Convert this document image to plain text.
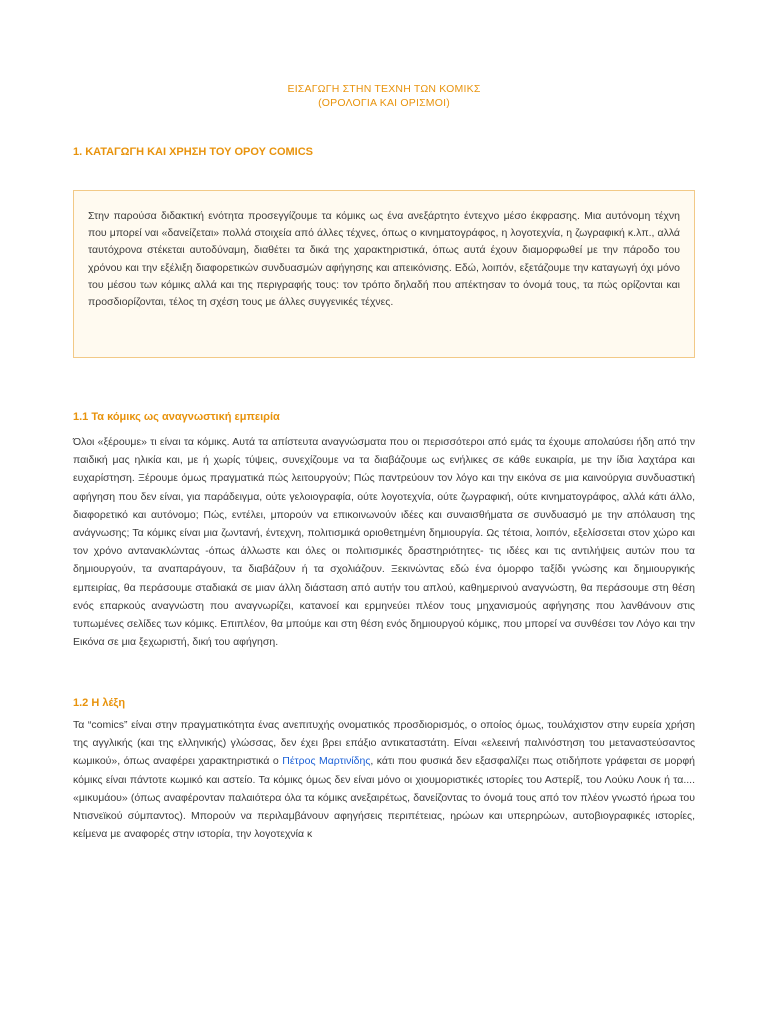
ΕΙΣΑΓΩΓΗ ΣΤΗΝ ΤΕΧΝΗ ΤΩΝ ΚΟΜΙΚΣ
(ΟΡΟΛΟΓΙΑ ΚΑΙ ΟΡΙΣΜΟΙ)
1. ΚΑΤΑΓΩΓΗ ΚΑΙ ΧΡΗΣΗ ΤΟΥ ΟΡΟΥ COMICS

Στην παρούσα διδακτική ενότητα προσεγγίζουμε τα κόμικς ως ένα ανεξάρτητο έντεχνο μέσο έκφρασης. Μια αυτόνομη τέχνη που μπορεί ναι «δανείζεται» πολλά στοιχεία από άλλες τέχνες, όπως ο κινηματογράφος, η λογοτεχνία, η ζωγραφική κ.λπ., αλλά ταυτόχρονα στέκεται αυτοδύναμη, διαθέτει τα δικά της χαρακτηριστικά, όπως αυτά έχουν διαμορφωθεί με την πάροδο του χρόνου και την εξέλιξη διαφορετικών συνδυασμών αφήγησης και απεικόνισης. Εδώ, λοιπόν, εξετάζουμε την καταγωγή όχι μόνο του μέσου των κόμικς αλλά και της περιγραφής τους: τον τρόπο δηλαδή που απέκτησαν το όνομά τους, τα πώς ορίζονται και προσδιορίζονται, τέλος τη σχέση τους με άλλες συγγενικές τέχνες.

1.1 Τα κόμικς ως αναγνωστική εμπειρία

Όλοι «ξέρουμε» τι είναι τα κόμικς. Αυτά τα απίστευτα αναγνώσματα που οι περισσότεροι από εμάς τα έχουμε απολαύσει ήδη από την παιδική μας ηλικία και, με ή χωρίς τύψεις, συνεχίζουμε να τα διαβάζουμε ως ενήλικες σε κάθε ευκαιρία, με την ίδια λαχτάρα και ευχαρίστηση. Ξέρουμε όμως πραγματικά πώς λειτουργούν; Πώς παντρεύουν τον λόγο και την εικόνα σε μια καινούργια συνδυαστική αφήγηση που δεν είναι, για παράδειγμα, ούτε γελοιογραφία, ούτε λογοτεχνία, ούτε ζωγραφική, ούτε κινηματογράφος, αλλά κάτι άλλο, διαφορετικό και αυτόνομο; Πώς, εντέλει, μπορούν να επικοινωνούν ιδέες και συναισθήματα σε συνδυασμό με την απόλαυση της ανάγνωσης; Τα κόμικς είναι μια ζωντανή, έντεχνη, πολιτισμικά οριοθετημένη δημιουργία. Ως τέτοια, λοιπόν, εξελίσσεται στον χώρο και τον χρόνο αντανακλώντας -όπως άλλωστε και όλες οι πολιτισμικές δραστηριότητες- τις ιδέες και τις αντιλήψεις αυτών που τα δημιουργούν, τα αναπαράγουν, τα διαβάζουν ή τα σχολιάζουν. Ξεκινώντας εδώ ένα όμορφο ταξίδι γνώσης και δημιουργικής εμπειρίας, θα περάσουμε σταδιακά σε μιαν άλλη διάσταση από αυτήν του απλού, καθημερινού αναγνώστη, θα περάσουμε στη θέση ενός επαρκούς αναγνώστη που αναγνωρίζει, κατανοεί και ερμηνεύει πλέον τους μηχανισμούς αφήγησης που λανθάνουν στις τυπωμένες σελίδες των κόμικς. Επιπλέον, θα μπούμε και στη θέση ενός δημιουργού κόμικς, που μπορεί να συνθέσει τον Λόγο και την Εικόνα σε μια ξεχωριστή, δική του αφήγηση.

1.2 Η λέξη

Τα “comics” είναι στην πραγματικότητα ένας ανεπιτυχής ονοματικός προσδιορισμός, ο οποίος όμως, τουλάχιστον στην ευρεία χρήση της αγγλικής (και της ελληνικής) γλώσσας, δεν έχει βρει επάξιο αντικαταστάτη. Είναι «ελεεινή παλινόστηση του μεταναστεύσαντος κωμικού», όπως αναφέρει χαρακτηριστικά ο Πέτρος Μαρτινίδης, κάτι που φυσικά δεν εξασφαλίζει πως οτιδήποτε γράφεται σε μορφή κόμικς είναι πάντοτε κωμικό και αστείο. Τα κόμικς όμως δεν είναι μόνο οι χιουμοριστικές ιστορίες του Αστερίξ, του Λούκυ Λουκ ή τα.... «μικυμάου» (όπως αναφέρονταν παλαιότερα όλα τα κόμικς ανεξαιρέτως, δανείζοντας το όνομά τους από τον πλέον γνωστό ήρωα του Ντισνεϊκού σύμπαντος). Μπορούν να περιλαμβάνουν αφηγήσεις περιπέτειας, ηρώων και υπερηρώων, αυτοβιογραφικές ιστορίες, κείμενα με αναφορές στην ιστορία, την λογοτεχνία κ
